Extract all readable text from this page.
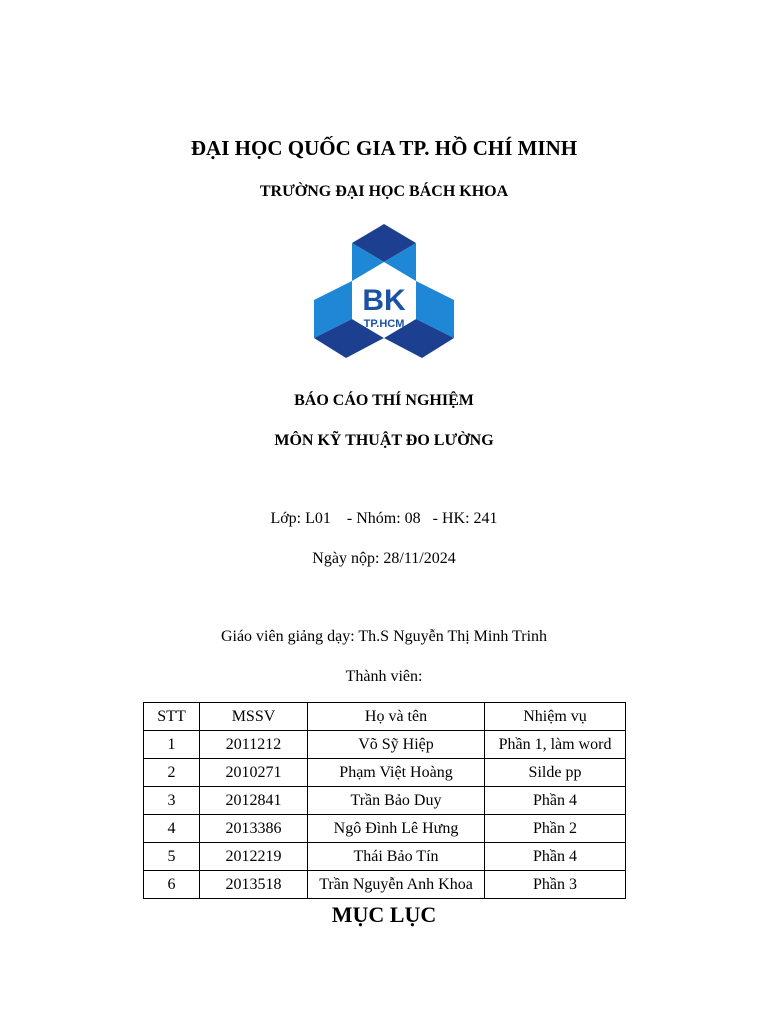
ĐẠI HỌC QUỐC GIA TP. HỒ CHÍ MINH
TRƯỜNG ĐẠI HỌC BÁCH KHOA
BK
TP.HCM
BÁO CÁO THÍ NGHIỆM
MÔN KỸ THUẬT ĐO LƯỜNG
Lớp: L01    - Nhóm: 08   - HK: 241
Ngày nộp: 28/11/2024
Giáo viên giảng dạy: Th.S Nguyễn Thị Minh Trinh
Thành viên:
STT	MSSV	Họ và tên	Nhiệm vụ
1	2011212	Võ Sỹ Hiệp	Phần 1, làm word
2	2010271	Phạm Việt Hoàng	Silde pp
3	2012841	Trần Bảo Duy	Phần 4
4	2013386	Ngô Đình Lê Hưng	Phần 2
5	2012219	Thái Bảo Tín	Phần 4
6	2013518	Trần Nguyễn Anh Khoa	Phần 3
MỤC LỤC
